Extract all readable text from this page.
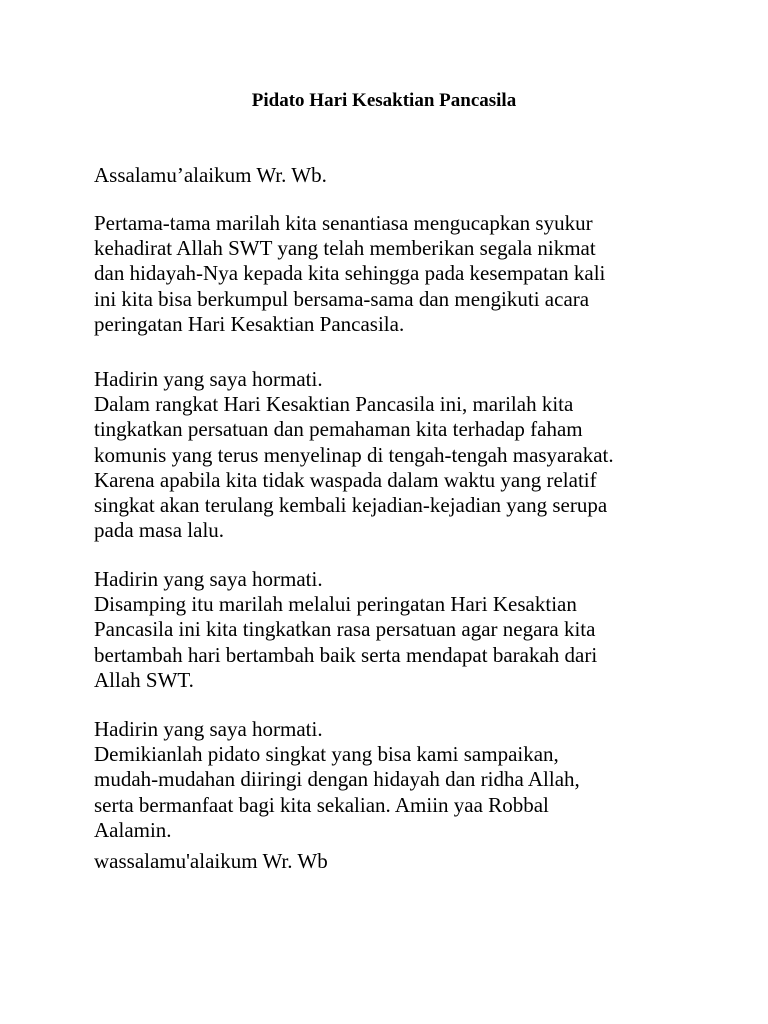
Pidato Hari Kesaktian Pancasila

Assalamu’alaikum Wr. Wb.

Pertama-tama marilah kita senantiasa mengucapkan syukur
kehadirat Allah SWT yang telah memberikan segala nikmat
dan hidayah-Nya kepada kita sehingga pada kesempatan kali
ini kita bisa berkumpul bersama-sama dan mengikuti acara
peringatan Hari Kesaktian Pancasila.

Hadirin yang saya hormati.
Dalam rangkat Hari Kesaktian Pancasila ini, marilah kita
tingkatkan persatuan dan pemahaman kita terhadap faham
komunis yang terus menyelinap di tengah-tengah masyarakat.
Karena apabila kita tidak waspada dalam waktu yang relatif
singkat akan terulang kembali kejadian-kejadian yang serupa
pada masa lalu.

Hadirin yang saya hormati.
Disamping itu marilah melalui peringatan Hari Kesaktian
Pancasila ini kita tingkatkan rasa persatuan agar negara kita
bertambah hari bertambah baik serta mendapat barakah dari
Allah SWT.

Hadirin yang saya hormati.
Demikianlah pidato singkat yang bisa kami sampaikan,
mudah-mudahan diiringi dengan hidayah dan ridha Allah,
serta bermanfaat bagi kita sekalian. Amiin yaa Robbal
Aalamin.

wassalamu'alaikum Wr. Wb
